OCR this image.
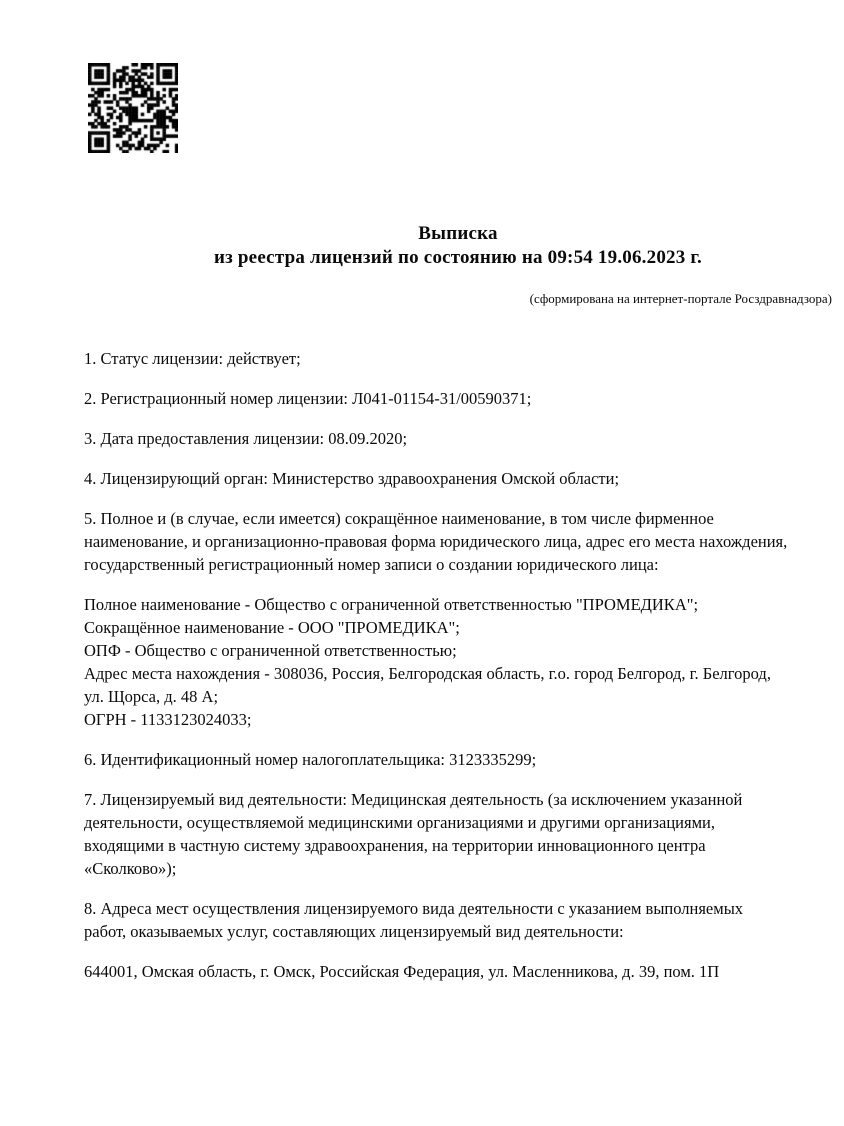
Выписка
из реестра лицензий по состоянию на 09:54 19.06.2023 г.
(сформирована на интернет-портале Росздравнадзора)

1. Статус лицензии: действует;

2. Регистрационный номер лицензии: Л041-01154-31/00590371;

3. Дата предоставления лицензии: 08.09.2020;

4. Лицензирующий орган: Министерство здравоохранения Омской области;

5. Полное и (в случае, если имеется) сокращённое наименование, в том числе фирменное наименование, и организационно-правовая форма юридического лица, адрес его места нахождения, государственный регистрационный номер записи о создании юридического лица:

Полное наименование - Общество с ограниченной ответственностью "ПРОМЕДИКА";
Сокращённое наименование - ООО "ПРОМЕДИКА";
ОПФ - Общество с ограниченной ответственностью;
Адрес места нахождения - 308036, Россия, Белгородская область, г.о. город Белгород, г. Белгород, ул. Щорса, д. 48 А;
ОГРН - 1133123024033;

6. Идентификационный номер налогоплательщика: 3123335299;

7. Лицензируемый вид деятельности: Медицинская деятельность (за исключением указанной деятельности, осуществляемой медицинскими организациями и другими организациями, входящими в частную систему здравоохранения, на территории инновационного центра «Сколково»);

8. Адреса мест осуществления лицензируемого вида деятельности с указанием выполняемых работ, оказываемых услуг, составляющих лицензируемый вид деятельности:

644001, Омская область, г. Омск, Российская Федерация, ул. Масленникова, д. 39, пом. 1П
